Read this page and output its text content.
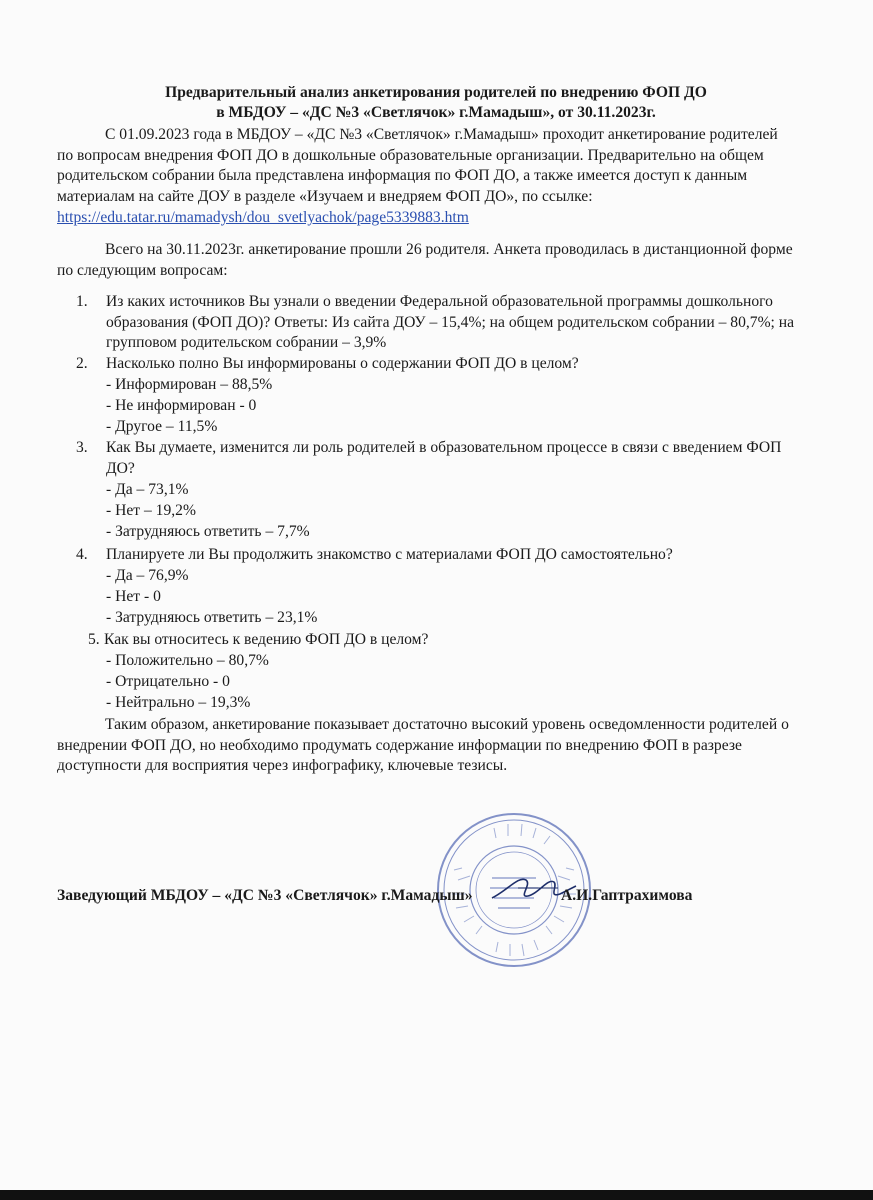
Предварительный анализ анкетирования родителей по внедрению ФОП ДО
в МБДОУ – «ДС №3 «Светлячок» г.Мамадыш», от 30.11.2023г.

С 01.09.2023 года в МБДОУ – «ДС №3 «Светлячок» г.Мамадыш» проходит анкетирование родителей по вопросам внедрения ФОП ДО в дошкольные образовательные организации. Предварительно на общем родительском собрании была представлена информация по ФОП ДО, а также имеется доступ к данным материалам на сайте ДОУ в разделе «Изучаем и внедряем ФОП ДО», по ссылке: https://edu.tatar.ru/mamadysh/dou_svetlyachok/page5339883.htm

Всего на 30.11.2023г. анкетирование прошли 26 родителя. Анкета проводилась в дистанционной форме по следующим вопросам:

1. Из каких источников Вы узнали о введении Федеральной образовательной программы дошкольного образования (ФОП ДО)? Ответы: Из сайта ДОУ – 15,4%; на общем родительском собрании – 80,7%; на групповом родительском собрании – 3,9%

2. Насколько полно Вы информированы о содержании ФОП ДО в целом?

- Информирован – 88,5%

- Не информирован - 0

- Другое – 11,5%

3. Как Вы думаете, изменится ли роль родителей в образовательном процессе в связи с введением ФОП ДО?

- Да – 73,1%

- Нет – 19,2%

- Затрудняюсь ответить – 7,7%

4. Планируете ли Вы продолжить знакомство с материалами ФОП ДО самостоятельно?

- Да – 76,9%

- Нет - 0

- Затрудняюсь ответить – 23,1%

5. Как вы относитесь к ведению ФОП ДО в целом?

- Положительно – 80,7%

- Отрицательно - 0

- Нейтрально – 19,3%

Таким образом, анкетирование показывает достаточно высокий уровень осведомленности родителей о внедрении ФОП ДО, но необходимо продумать содержание информации по внедрению ФОП в разрезе доступности для восприятия через инфографику, ключевые тезисы.

Заведующий МБДОУ – «ДС №3 «Светлячок» г.Мамадыш»	А.И.Гаптрахимова
